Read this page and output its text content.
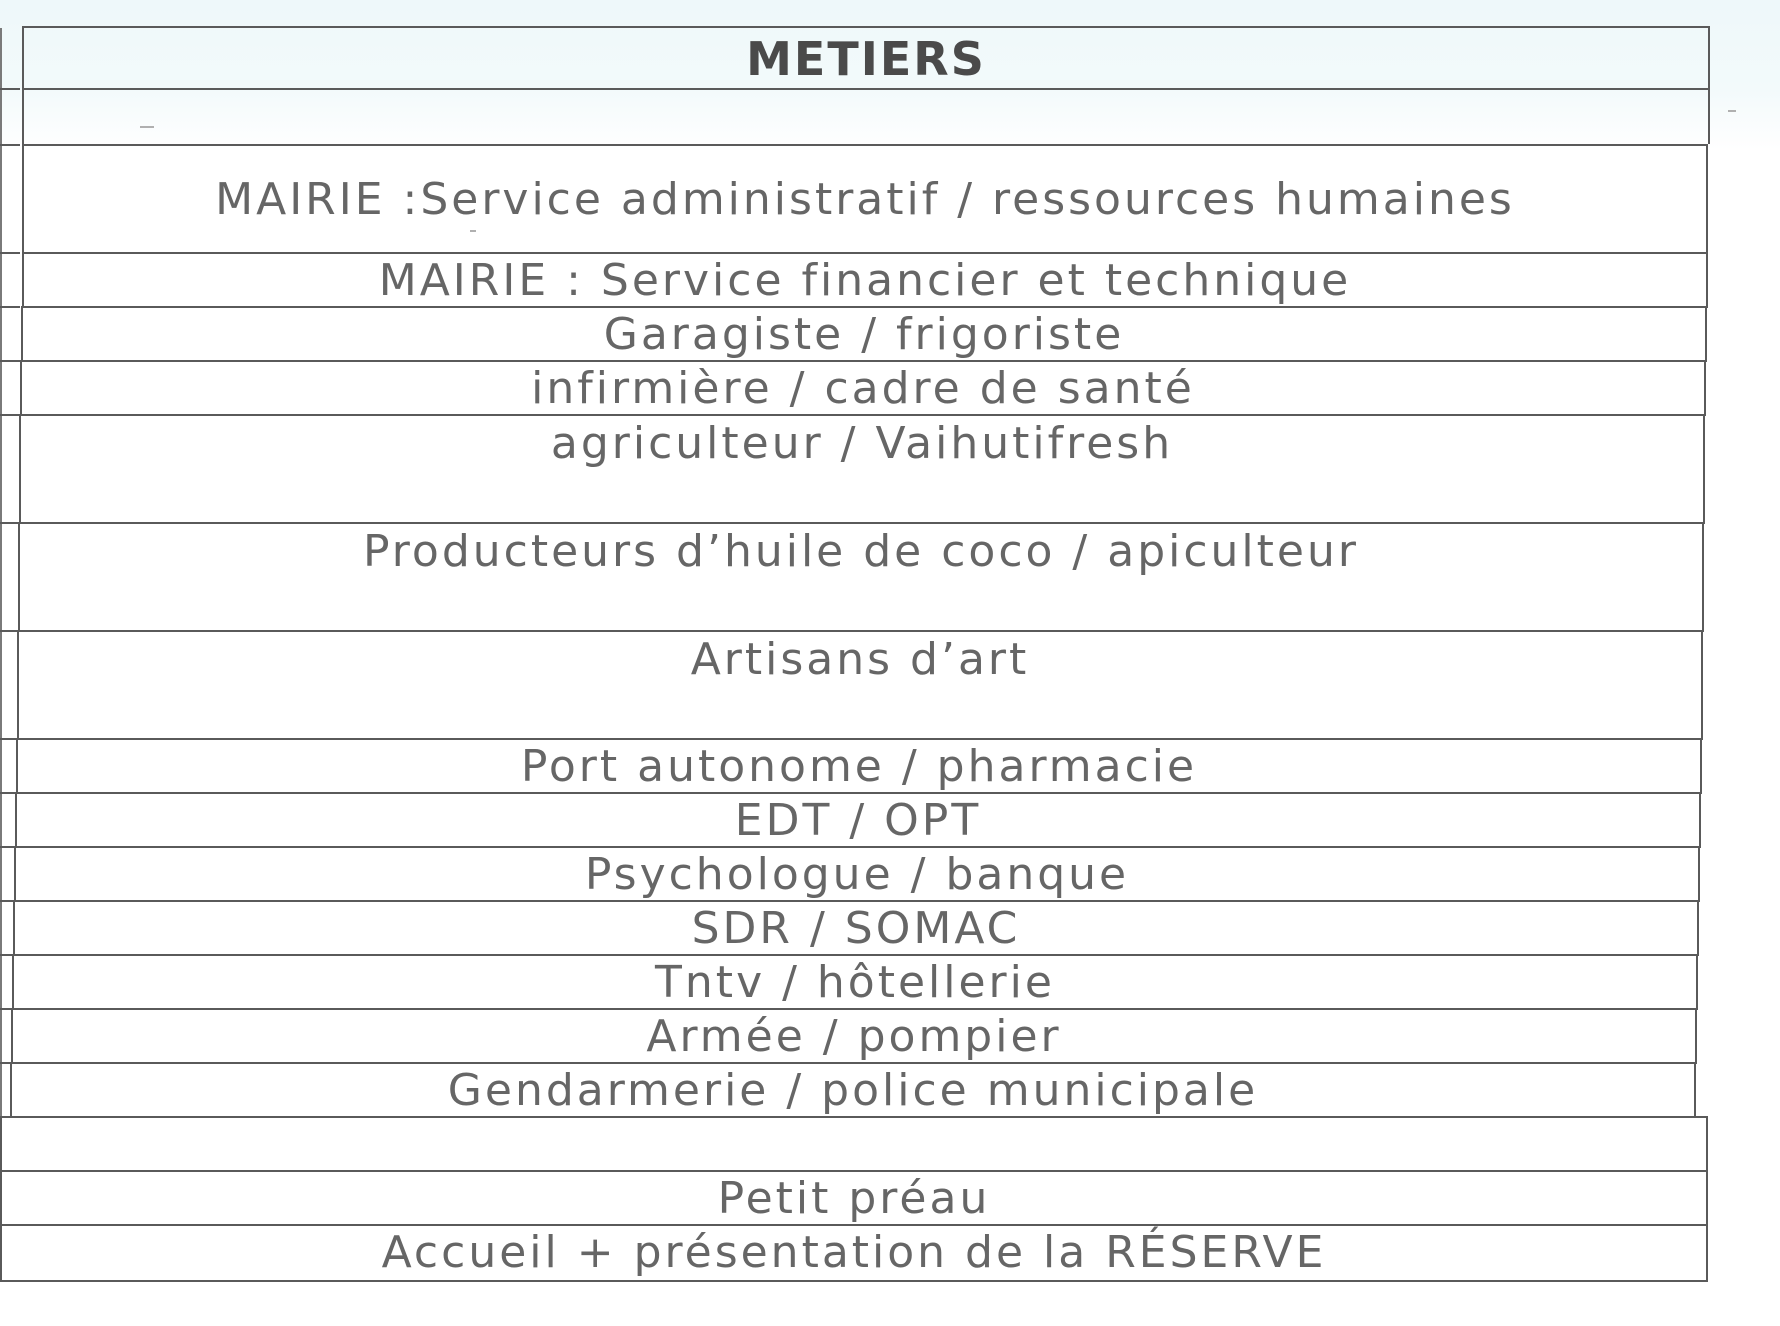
METIERS
MAIRIE :Service administratif / ressources humaines
MAIRIE : Service financier et technique
Garagiste / frigoriste
infirmière / cadre de santé
agriculteur / Vaihutifresh
Producteurs d’huile de coco / apiculteur
Artisans d’art
Port autonome / pharmacie
EDT / OPT
Psychologue / banque
SDR / SOMAC
Tntv / hôtellerie
Armée / pompier
Gendarmerie / police municipale
Petit préau
Accueil + présentation de la RÉSERVE
